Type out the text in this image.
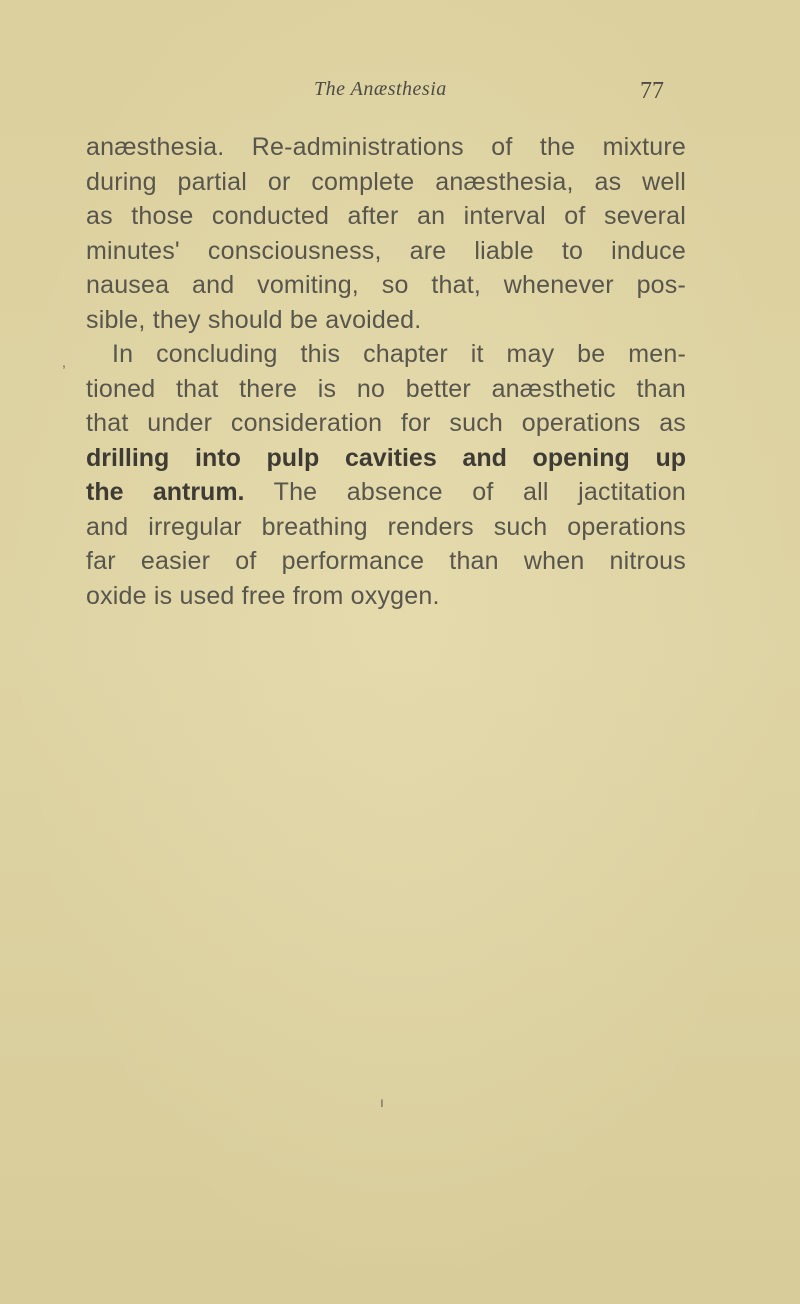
The Anæsthesia	77
,
anæsthesia. Re-administrations of the mixture
during partial or complete anæsthesia, as well
as those conducted after an interval of several
minutes' consciousness, are liable to induce
nausea and vomiting, so that, whenever pos-
sible, they should be avoided.
In concluding this chapter it may be men-
tioned that there is no better anæsthetic than
that under consideration for such operations as
drilling into pulp cavities and opening up
the antrum. The absence of all jactitation
and irregular breathing renders such operations
far easier of performance than when nitrous
oxide is used free from oxygen.
ı
